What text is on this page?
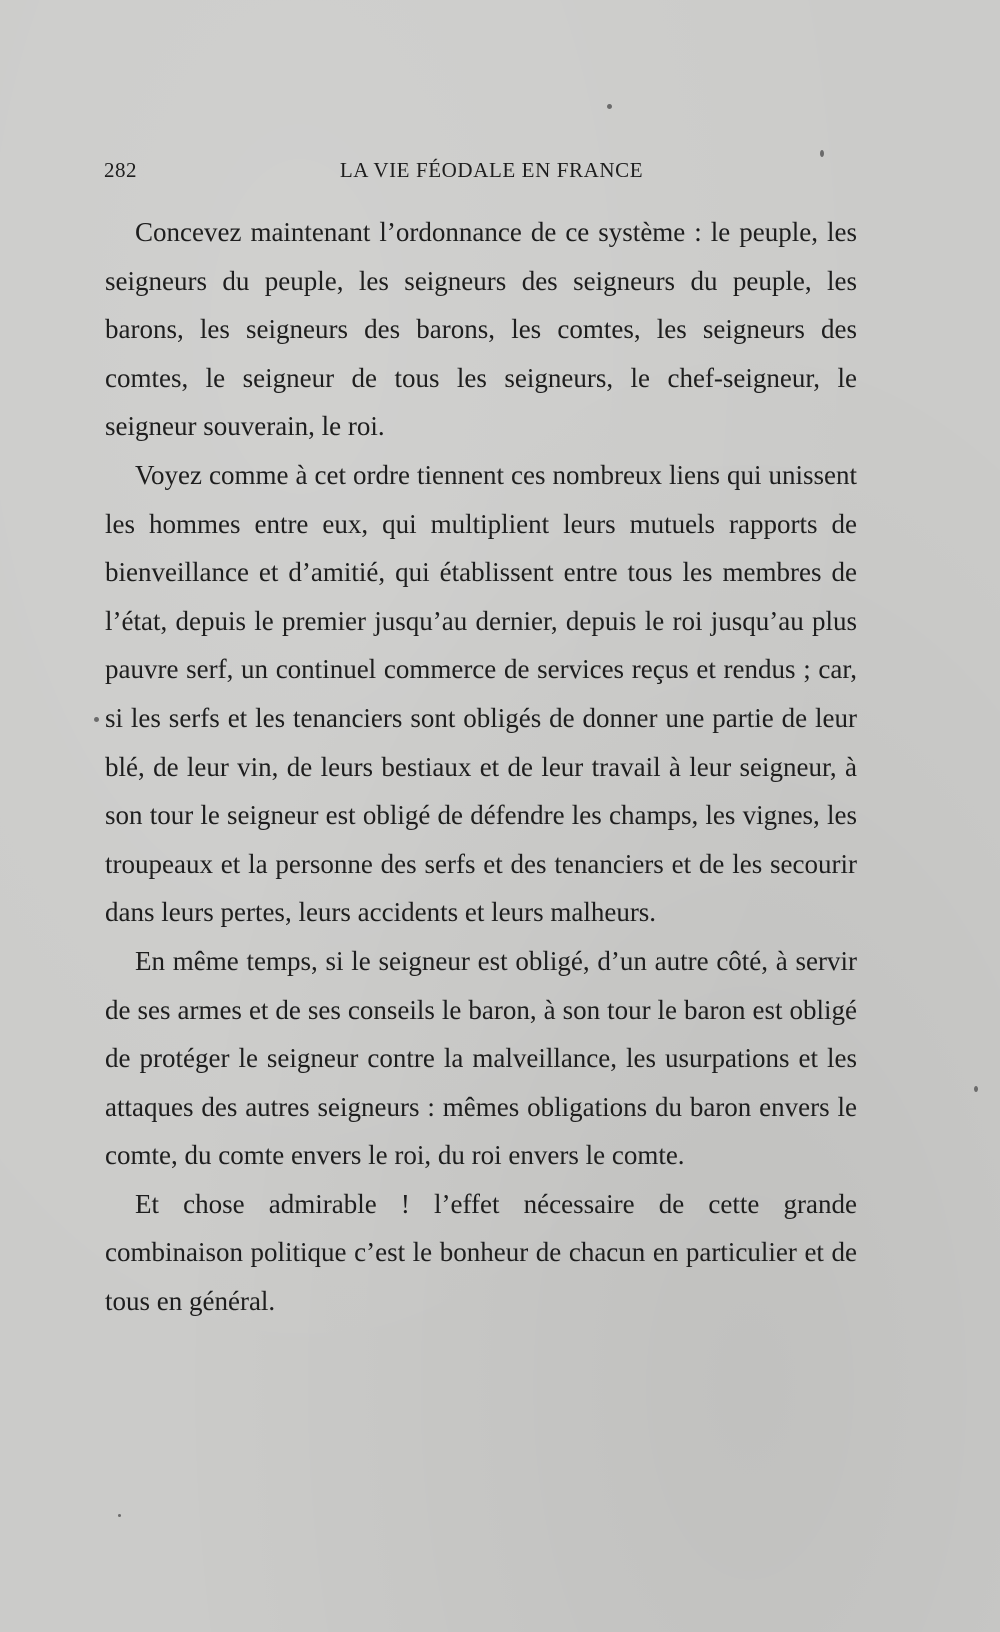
282	LA VIE FÉODALE EN FRANCE

Concevez maintenant l’ordonnance de ce système : le peuple, les seigneurs du peuple, les seigneurs des seigneurs du peuple, les barons, les seigneurs des barons, les comtes, les seigneurs des comtes, le seigneur de tous les seigneurs, le chef-seigneur, le seigneur souverain, le roi.

Voyez comme à cet ordre tiennent ces nombreux liens qui unissent les hommes entre eux, qui multiplient leurs mutuels rapports de bienveillance et d’amitié, qui établissent entre tous les membres de l’état, depuis le premier jusqu’au dernier, depuis le roi jusqu’au plus pauvre serf, un continuel commerce de services reçus et rendus ; car, si les serfs et les tenanciers sont obligés de donner une partie de leur blé, de leur vin, de leurs bestiaux et de leur travail à leur seigneur, à son tour le seigneur est obligé de défendre les champs, les vignes, les troupeaux et la personne des serfs et des tenanciers et de les secourir dans leurs pertes, leurs accidents et leurs malheurs.

En même temps, si le seigneur est obligé, d’un autre côté, à servir de ses armes et de ses conseils le baron, à son tour le baron est obligé de protéger le seigneur contre la malveillance, les usurpations et les attaques des autres seigneurs : mêmes obligations du baron envers le comte, du comte envers le roi, du roi envers le comte.

Et chose admirable ! l’effet nécessaire de cette grande combinaison politique c’est le bonheur de chacun en particulier et de tous en général.
